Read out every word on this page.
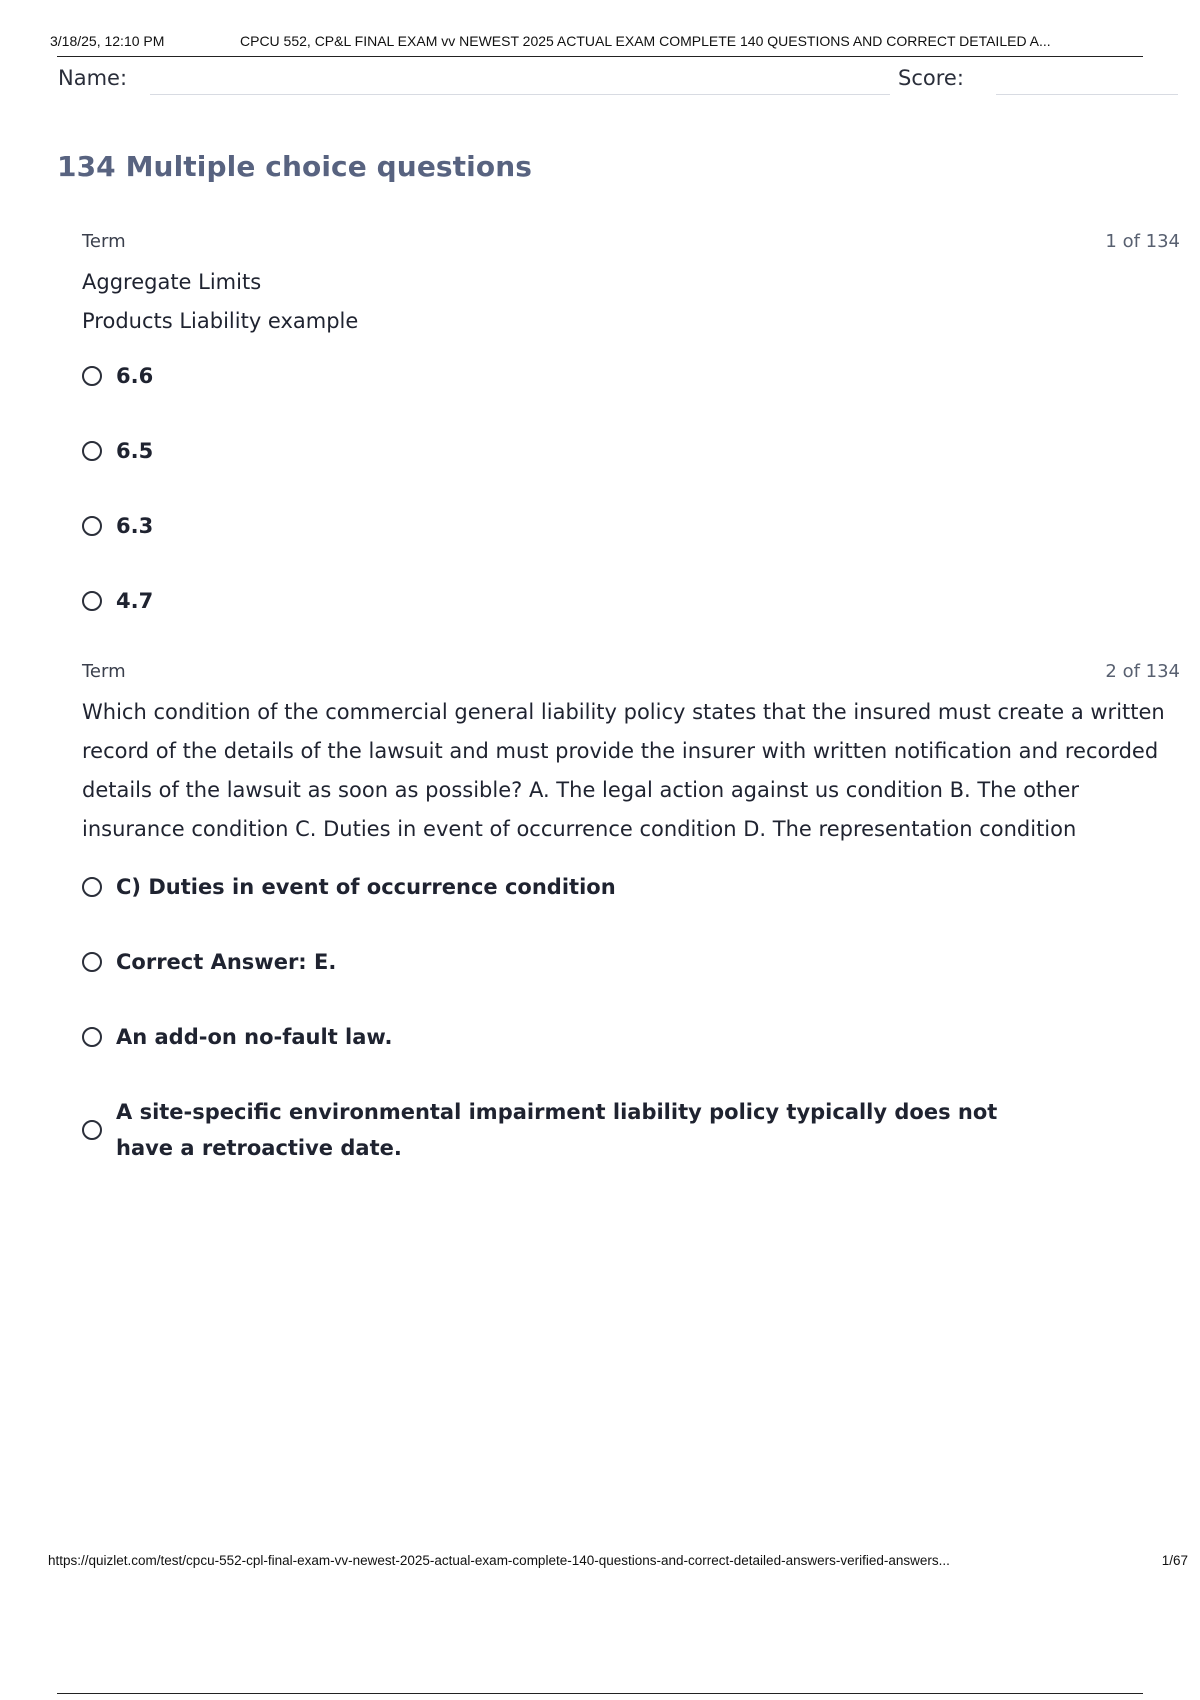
3/18/25, 12:10 PM	CPCU 552, CP&L FINAL EXAM vv NEWEST 2025 ACTUAL EXAM COMPLETE 140 QUESTIONS AND CORRECT DETAILED A...
Name:	Score:
134 Multiple choice questions
Term	1 of 134
Aggregate Limits
Products Liability example
6.6
6.5
6.3
4.7
Term	2 of 134

Which condition of the commercial general liability policy states that the insured must create a written record of the details of the lawsuit and must provide the insurer with written notification and recorded details of the lawsuit as soon as possible? A. The legal action against us condition B. The other insurance condition C. Duties in event of occurrence condition D. The representation condition

C) Duties in event of occurrence condition
Correct Answer: E.
An add-on no-fault law.
A site-specific environmental impairment liability policy typically does not have a retroactive date.
https://quizlet.com/test/cpcu-552-cpl-final-exam-vv-newest-2025-actual-exam-complete-140-questions-and-correct-detailed-answers-verified-answers...	1/67
